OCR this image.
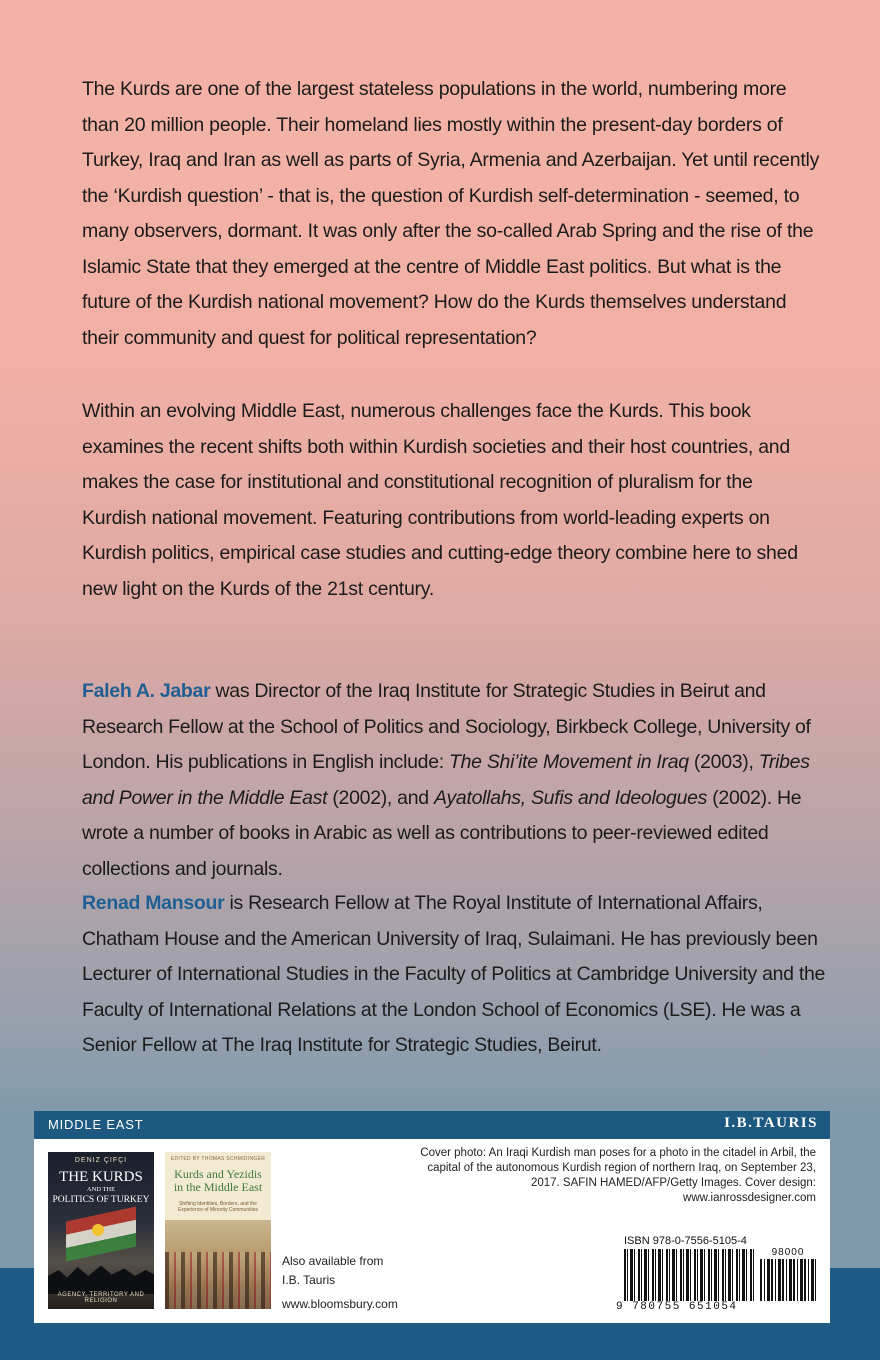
The Kurds are one of the largest stateless populations in the world, numbering more than 20 million people. Their homeland lies mostly within the present-day borders of Turkey, Iraq and Iran as well as parts of Syria, Armenia and Azerbaijan. Yet until recently the ‘Kurdish question’ - that is, the question of Kurdish self-determination - seemed, to many observers, dormant. It was only after the so-called Arab Spring and the rise of the Islamic State that they emerged at the centre of Middle East politics. But what is the future of the Kurdish national movement? How do the Kurds themselves understand their community and quest for political representation?

Within an evolving Middle East, numerous challenges face the Kurds. This book examines the recent shifts both within Kurdish societies and their host countries, and makes the case for institutional and constitutional recognition of pluralism for the Kurdish national movement. Featuring contributions from world-leading experts on Kurdish politics, empirical case studies and cutting-edge theory combine here to shed new light on the Kurds of the 21st century.

Faleh A. Jabar was Director of the Iraq Institute for Strategic Studies in Beirut and Research Fellow at the School of Politics and Sociology, Birkbeck College, University of London. His publications in English include: The Shi’ite Movement in Iraq (2003), Tribes and Power in the Middle East (2002), and Ayatollahs, Sufis and Ideologues (2002). He wrote a number of books in Arabic as well as contributions to peer-reviewed edited collections and journals.
Renad Mansour is Research Fellow at The Royal Institute of International Affairs, Chatham House and the American University of Iraq, Sulaimani. He has previously been Lecturer of International Studies in the Faculty of Politics at Cambridge University and the Faculty of International Relations at the London School of Economics (LSE). He was a Senior Fellow at The Iraq Institute for Strategic Studies, Beirut.
MIDDLE EAST	I.B.TAURIS
DENIZ ÇIFÇI
THE KURDS
AND THE
POLITICS OF TURKEY
AGENCY, TERRITORY AND RELIGION
EDITED BY THOMAS SCHMIDINGER
Kurds and Yezidis in the Middle East
Shifting Identities, Borders, and the Experience of Minority Communities
Also available from
I.B. Tauris
www.bloomsbury.com
Cover photo: An Iraqi Kurdish man poses for a photo in the citadel in Arbil, the capital of the autonomous Kurdish region of northern Iraq, on September 23, 2017. SAFIN HAMED/AFP/Getty Images. Cover design: www.ianrossdesigner.com
ISBN 978-0-7556-5105-4
98000
9 780755 651054
